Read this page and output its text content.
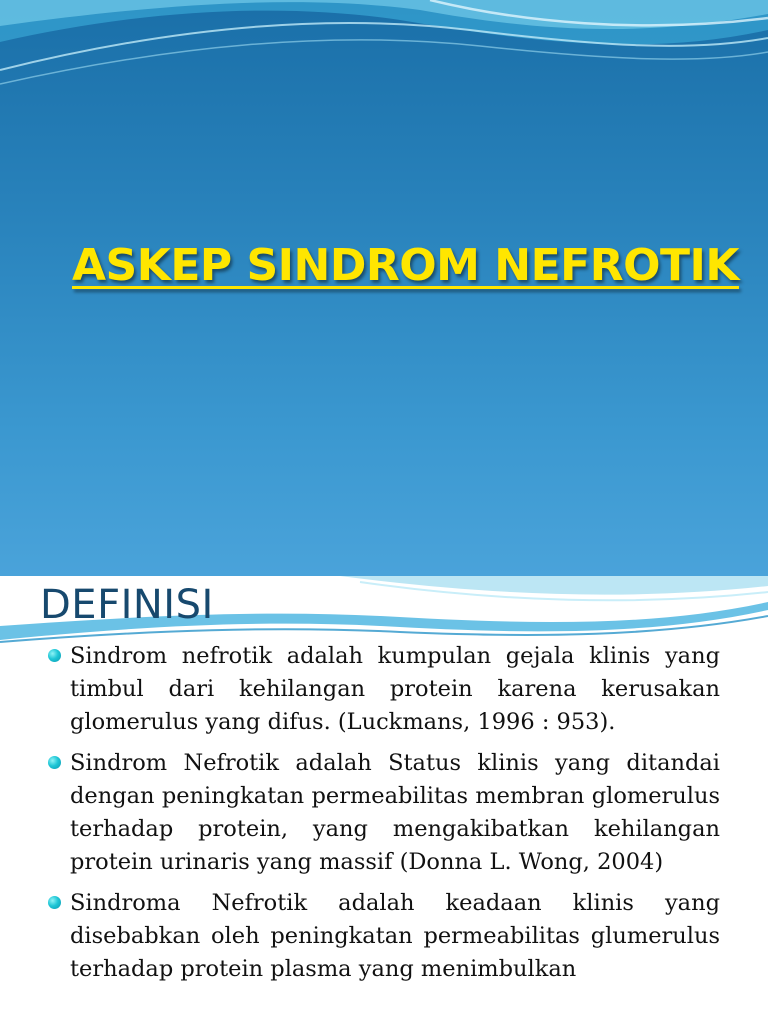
ASKEP SINDROM NEFROTIK
DEFINISI
Sindrom nefrotik adalah kumpulan gejala klinis yang timbul dari kehilangan protein karena kerusakan glomerulus yang difus. (Luckmans, 1996 : 953).
Sindrom Nefrotik adalah Status klinis yang ditandai dengan peningkatan permeabilitas membran glomerulus terhadap protein, yang mengakibatkan kehilangan protein urinaris yang massif (Donna L. Wong, 2004)
Sindroma Nefrotik adalah keadaan klinis yang disebabkan oleh peningkatan permeabilitas glumerulus terhadap protein plasma yang menimbulkan
